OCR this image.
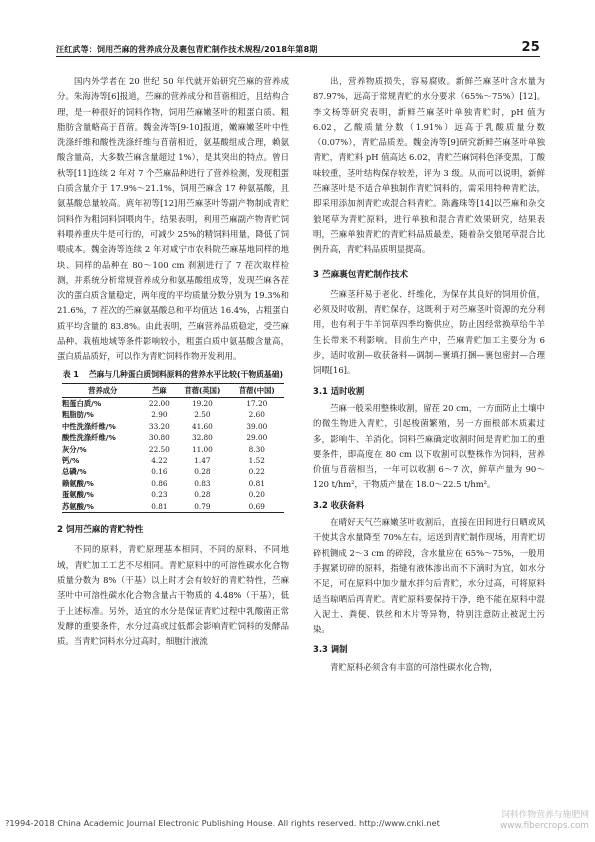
汪红武等：饲用苎麻的营养成分及裹包青贮制作技术规程/2018年第8期	25

国内外学者在 20 世纪 50 年代就开始研究苎麻的营养成分。朱海涛等[6]报道，苎麻的营养成分和苜蓿相近，且结构合理，是一种很好的饲料作物，饲用苎麻嫩茎叶的粗蛋白质、粗脂肪含量略高于苜蓿。魏金涛等[9-10]报道，嫩麻嫩茎叶中性洗涤纤维和酸性洗涤纤维与苜蓿相近，氨基酸组成合理，赖氨酸含量高，大多数苎麻含量超过 1%），是其突出的特点。曾日秋等[11]连续 2 年对 7 个苎麻品种进行了营养检测，发现粗蛋白质含量介于 17.9%～21.1%，饲用苎麻含 17 种氨基酸，且氨基酸总量较高。庹年初等[12]用苎麻茎叶等副产物制成青贮饲料作为粗饲料饲喂肉牛，结果表明，利用苎麻副产物青贮饲料喂养重庆牛是可行的，可减少 25%的精饲料用量，降低了饲喂成本。魏金涛等连续 2 年对咸宁市农科院苎麻基地同样的地块、同样的品种在 80～100 cm 刹割进行了 7 茬次取样检测，并系统分析常规营养成分和氨基酸组成等，发现苎麻各茬次的蛋白质含量稳定，两年度的平均质量分数分别为 19.3%和 21.6%，7 茬次的苎麻氨基酸总和平均值达 16.4%，占粗蛋白质平均含量的 83.8%。由此表明，苎麻营养品质稳定，受苎麻品种、栽植地域等条件影响较小，粗蛋白质中氨基酸含量高，蛋白质品质好，可以作为青贮饲料作物开发利用。

表 1 苎麻与几种蛋白质饲料原料的营养水平比较(干物质基础)
营养成分	苎麻	苜蓿(英国)	苜蓿(中国)
粗蛋白质/%	22.00	19.20	17.20
粗脂肪/%	2.90	2.50	2.60
中性洗涤纤维/%	33.20	41.60	39.00
酸性洗涤纤维/%	30.80	32.80	29.00
灰分/%	22.50	11.00	8.30
钙/%	4.22	1.47	1.52
总磷/%	0.16	0.28	0.22
赖氨酸/%	0.86	0.83	0.81
蛋氨酸/%	0.23	0.28	0.20
苏氨酸/%	0.81	0.79	0.69
2 饲用苎麻的青贮特性

不同的原料，青贮原理基本相同，不同的原料、不同地域，青贮加工工艺不尽相同。青贮原料中的可溶性碳水化合物质量分数为 8%（干基）以上时才会有较好的青贮特性，苎麻茎叶中可溶性碳水化合物含量占干物质的 4.48%（干基），低于上述标准。另外，适宜的水分是保证青贮过程中乳酸菌正常发酵的重要条件，水分过高或过低都会影响青贮饲料的发酵品质。当青贮饲料水分过高时，细胞汁液流

出，营养物质损失，容易腐败。新鲜苎麻茎叶含水量为 87.97%，远高于常规青贮的水分要求（65%～75%）[12]。李文杨等研究表明，新鲜苎麻茎叶单独青贮时，pH 值为 6.02，乙酸质量分数（1.91%）远高于乳酸质量分数（0.07%），青贮品质差。魏金涛等[9]研究新鲜苎麻茎叶单独青贮，青贮料 pH 值高达 6.02，青贮苎麻饲料色泽变黑，丁酸味较重，茎叶结构保存较差，评为 3 级。从而可以说明，新鲜苎麻茎叶是不适合单独制作青贮饲料的，需采用特种青贮法，即采用添加剂青贮或混合料青贮。陈鑫珠等[14]以苎麻和杂交狼尾草为青贮原料，进行单独和混合青贮效果研究，结果表明，苎麻单独青贮的青贮料品质最差，随着杂交狼尾草混合比例升高，青贮料品质明显提高。

3 苎麻裹包青贮制作技术

苎麻茎秆易于老化、纤维化，为保存其良好的饲用价值，必须及时收割，青贮保存，这既利于对苎麻茎叶资源的充分利用，也有利于牛羊饲草四季均衡供应，防止因经常换草给牛羊生长带来不利影响。目前生产中，苎麻青贮加工主要分为 6 步，适时收割—收获备料—调制—裹填打捆—裹包密封—合理饲喂[16]。

3.1 适时收割

苎麻一般采用整株收割，留茬 20 cm，一方面防止土壤中的微生物进入青贮，引起梭菌繁殖，另一方面根部木质素过多，影响牛、羊消化。饲料苎麻确定收割时间是青贮加工的重要条件，即高度在 80 cm 以下收割可以整株作为饲料，营养价值与苜蓿相当，一年可以收割 6～7 次，鲜草产量为 90～120 t/hm²，干物质产量在 18.0～22.5 t/hm²。

3.2 收获备料

在晴好天气苎麻嫩茎叶收割后，直接在田间进行日晒或风干使其含水量降至 70%左右，运送到青贮制作现场，用青贮切碎机铡成 2～3 cm 的碎段，含水量应在 65%～75%，一般用手握紧切碎的原料，指缝有液体渗出而不下滴时为宜，如水分不足，可在原料中加少量水拌匀后青贮，水分过高，可将原料适当晾晒后再青贮。青贮原料要保持干净，绝不能在原料中混入泥土、粪便、铁丝和木片等异物，特别注意防止被泥土污染。

3.3 调制

青贮原料必须含有丰富的可溶性碳水化合物，

?1994-2018 China Academic Journal Electronic Publishing House. All rights reserved. http://www.cnki.net
饲料作物营养与施肥网
www.fibercrops.com
